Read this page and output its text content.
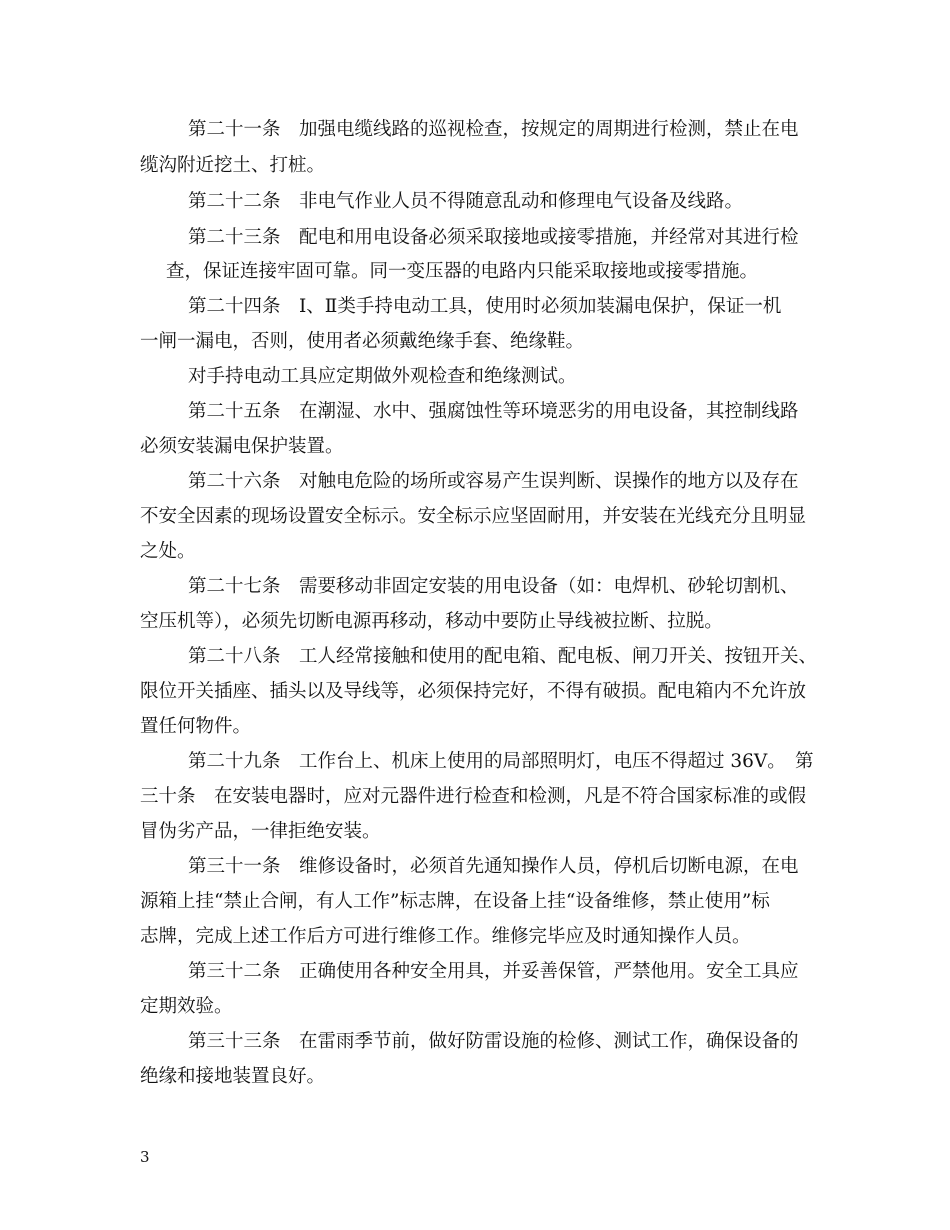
第二十一条　加强电缆线路的巡视检查，按规定的周期进行检测，禁止在电
缆沟附近挖土、打桩。
第二十二条　非电气作业人员不得随意乱动和修理电气设备及线路。
第二十三条　配电和用电设备必须采取接地或接零措施，并经常对其进行检
查，保证连接牢固可靠。同一变压器的电路内只能采取接地或接零措施。
第二十四条　Ⅰ、Ⅱ类手持电动工具，使用时必须加装漏电保护，保证一机
一闸一漏电，否则，使用者必须戴绝缘手套、绝缘鞋。
对手持电动工具应定期做外观检查和绝缘测试。
第二十五条　在潮湿、水中、强腐蚀性等环境恶劣的用电设备，其控制线路
必须安装漏电保护装置。
第二十六条　对触电危险的场所或容易产生误判断、误操作的地方以及存在
不安全因素的现场设置安全标示。安全标示应坚固耐用，并安装在光线充分且明显
之处。
第二十七条　需要移动非固定安装的用电设备（如：电焊机、砂轮切割机、
空压机等），必须先切断电源再移动，移动中要防止导线被拉断、拉脱。
第二十八条　工人经常接触和使用的配电箱、配电板、闸刀开关、按钮开关、
限位开关插座、插头以及导线等，必须保持完好，不得有破损。配电箱内不允许放
置任何物件。
第二十九条　工作台上、机床上使用的局部照明灯，电压不得超过 36V。　第
三十条　在安装电器时，应对元器件进行检查和检测，凡是不符合国家标准的或假
冒伪劣产品，一律拒绝安装。
第三十一条　维修设备时，必须首先通知操作人员，停机后切断电源，在电
源箱上挂“禁止合闸，有人工作”标志牌，在设备上挂“设备维修，禁止使用”标
志牌，完成上述工作后方可进行维修工作。维修完毕应及时通知操作人员。
第三十二条　正确使用各种安全用具，并妥善保管，严禁他用。安全工具应
定期效验。
第三十三条　在雷雨季节前，做好防雷设施的检修、测试工作，确保设备的
绝缘和接地装置良好。
3
